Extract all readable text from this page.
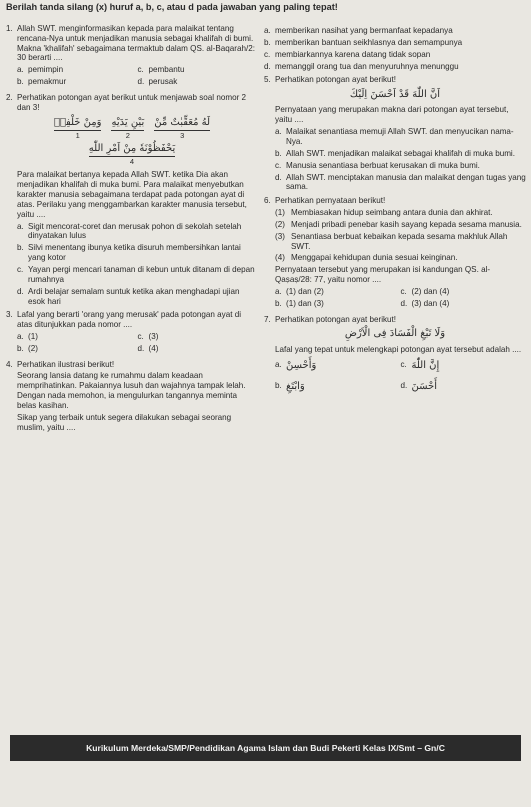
Berilah tanda silang (x) huruf a, b, c, atau d pada jawaban yang paling tepat!
1. Allah SWT. menginformasikan kepada para malaikat tentang rencana-Nya untuk menjadikan manusia sebagai khalifah di bumi. Makna 'khalifah' sebagaimana termaktub dalam QS. al-Baqarah/2: 30 berarti ....
a. pemimpin	c. pembantu
b. pemakmur	d. perusak
2. Perhatikan potongan ayat berikut untuk menjawab soal nomor 2 dan 3!
لَهُ مُعَقِّبٰتٌ مِّنْ
3
بَيْنِ يَدَيْهِ
2
وَمِنْ خَلْفِهٖ
1
يَحْفَظُوْنَهٗ مِنْ اَمْرِ اللّٰهِ
4
Para malaikat bertanya kepada Allah SWT. ketika Dia akan menjadikan khalifah di muka bumi. Para malaikat menyebutkan karakter manusia sebagaimana terdapat pada potongan ayat di atas. Perilaku yang menggambarkan karakter manusia tersebut, yaitu ....
a. Sigit mencorat-coret dan merusak pohon di sekolah setelah dinyatakan lulus
b. Silvi menentang ibunya ketika disuruh membersihkan lantai yang kotor
c. Yayan pergi mencari tanaman di kebun untuk ditanam di depan rumahnya
d. Ardi belajar semalam suntuk ketika akan menghadapi ujian esok hari
3. Lafal yang berarti 'orang yang merusak' pada potongan ayat di atas ditunjukkan pada nomor ....
a. (1)	c. (3)
b. (2)	d. (4)
4. Perhatikan ilustrasi berikut!
Seorang lansia datang ke rumahmu dalam keadaan memprihatinkan. Pakaiannya lusuh dan wajahnya tampak lelah. Dengan nada memohon, ia mengulurkan tangannya meminta belas kasihan.
Sikap yang terbaik untuk segera dilakukan sebagai seorang muslim, yaitu ....
a. memberikan nasihat yang bermanfaat kepadanya
b. memberikan bantuan seikhlasnya dan semampunya
c. membiarkannya karena datang tidak sopan
d. memanggil orang tua dan menyuruhnya menunggu
5. Perhatikan potongan ayat berikut!
اَنَّ اللّٰهَ قَدْ اَحْسَنَ اِلَيْكَ
Pernyataan yang merupakan makna dari potongan ayat tersebut, yaitu ....
a. Malaikat senantiasa memuji Allah SWT. dan menyucikan nama-Nya.
b. Allah SWT. menjadikan malaikat sebagai khalifah di muka bumi.
c. Manusia senantiasa berbuat kerusakan di muka bumi.
d. Allah SWT. menciptakan manusia dan malaikat dengan tugas yang sama.
6. Perhatikan pernyataan berikut!
(1) Membiasakan hidup seimbang antara dunia dan akhirat.
(2) Menjadi pribadi penebar kasih sayang kepada sesama manusia.
(3) Senantiasa berbuat kebaikan kepada sesama makhluk Allah SWT.
(4) Menggapai kehidupan dunia sesuai keinginan.
Pernyataan tersebut yang merupakan isi kandungan QS. al-Qaṣaṣ/28: 77, yaitu nomor ....
a. (1) dan (2)	c. (2) dan (4)
b. (1) dan (3)	d. (3) dan (4)
7. Perhatikan potongan ayat berikut!
وَلَا تَبْغِ الْفَسَادَ فِى الْاَرْضِ
Lafal yang tepat untuk melengkapi potongan ayat tersebut adalah ....
a. وَأَحْسِنْ	c. إِنَّ اللّٰهَ
b. وَابْتَغِ	d. أَحْسَنَ
Kurikulum Merdeka/SMP/Pendidikan Agama Islam dan Budi Pekerti Kelas IX/Smt – Gn/C
